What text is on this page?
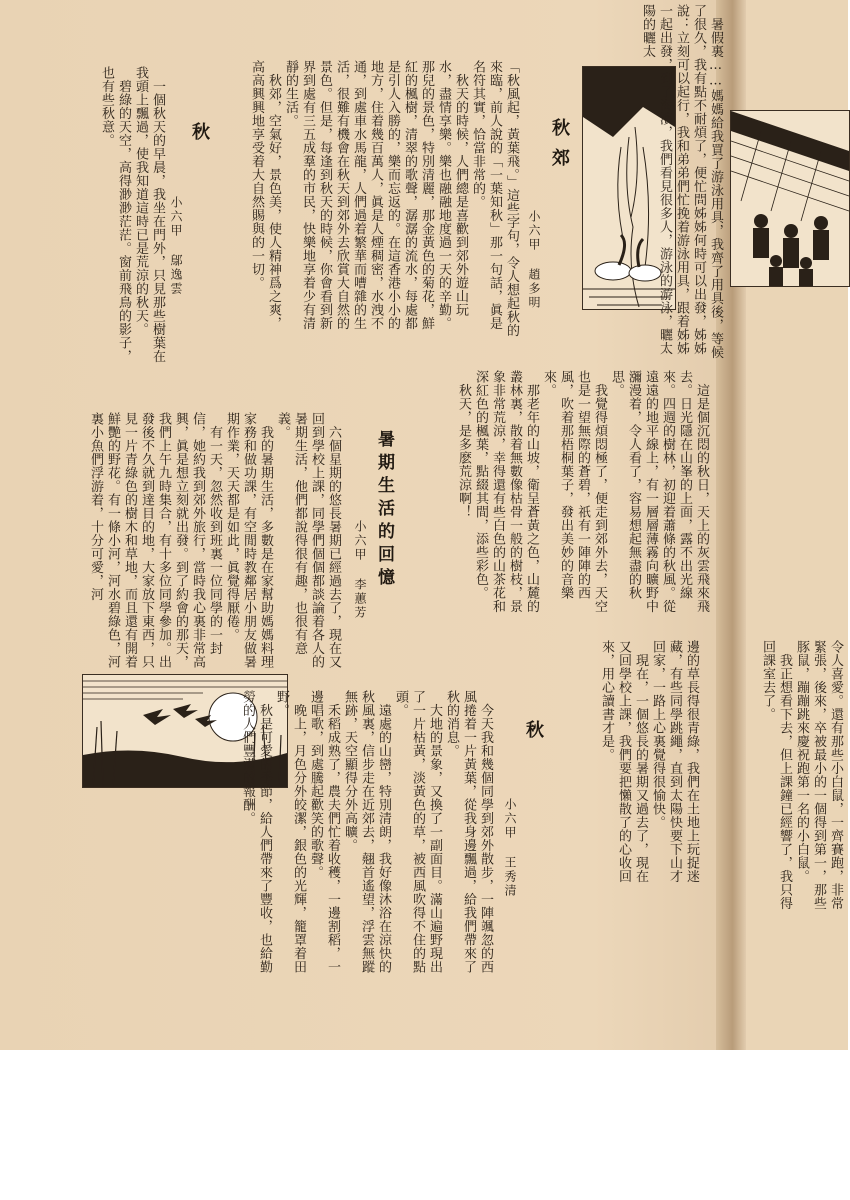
秋郊
小六甲 趙多明
「秋風起，黃葉飛。」這些字句，令人想起秋的來臨，前人說的「一葉知秋」那一句話，眞是名符其實，恰當非常的。
　秋天的時候，人們總是喜歡到郊外遊山玩水，盡情享樂。樂也融融地度過一天的辛勤。那兒的景色，特別清麗，那金黃色的菊花，鮮紅的楓樹，清翠的歌聲，潺潺的流水，每處都是引人入勝的，樂而忘返的。在這香港小小的地方，住着幾百萬人，眞是人煙稠密，水洩不通，到處車水馬龍，人們過着繁華而嘈雜的生活，很難有機會在秋天到郊外去欣賞大自然的景色。但是，每逢到秋天的時候，你會看到新界到處有三五成羣的市民，快樂地享着少有清靜的生活。
　秋郊，空氣好，景色美，使人精神爲之爽，高高興興地享受着大自然賜與的一切。
秋
小六甲 鄔逸雲
　一個秋天的早晨，我坐在門外，只見那些樹葉在我頭上飄過，使我知道這時已是荒涼的秋天。
　碧綠的天空，高得渺渺茫茫。窗前飛鳥的影子，也有些秋意。
　這是個沉悶的秋日，天上的灰雲飛來飛去。日光隱在山峯的上面，露不出光線來。四週的樹林，初迎着蕭條的秋風。從遠遠的地平線上，有一層層薄霧向曠野中瀰漫着，令人看了，容易想起無盡的秋思。
　我覺得煩悶極了，便走到郊外去，天空也是一望無際的蒼碧，祇有一陣陣的西風，吹着那梧桐葉子，發出美妙的音樂來。
　那老年的山坡，衛呈蒼黃之色，山麓的叢林裏，散着無數像枯骨一般的樹枝，景象非常荒涼，幸得還有些白色的山茶花和深紅色的楓葉，點綴其間，添些彩色。
　秋天，是多麽荒涼啊！
暑期生活的回憶
小六甲 李蕙芳
　六個星期的悠長暑期已經過去了，現在又回到學校上課，同學們個個都談論着各人的暑期生活，他們都說得很有趣，也很有意義。
　我的暑期生活，多數是在家幫助媽媽料理家務和做功課，有空閒時教鄰居小朋友做暑期作業，天天都是如此，眞覺得厭倦。
　有一天，忽然收到班裏一位同學的一封信，她約我到郊外旅行，當時我心裏非常高興，眞是想立刻就出發。到了約會的那天，我們上午九時集合，有十多位同學參加。出發後不久就到達目的地，大家放下東西，只見一片青綠色的樹木和草地，而且還有開着鮮艷的野花。有一條小河，河水碧綠色，河裏小魚們浮游着，十分可愛，河
邊的草長得很青綠，我們在土地上玩捉迷藏，有些同學跳繩，直到太陽快要下山才回家，一路上心裏覺得很愉快。
　現在，一個悠長的暑期又過去了，現在又回學校上課，我們要把懶散了的心收回來，用心讀書才是。
秋
小六甲 王秀清
　今天我和幾個同學到郊外散步，一陣颯忽的西風捲着一片黃葉，從我身邊飄過，給我們帶來了秋的消息。
　大地的景象，又換了一副面目。滿山遍野現出了一片枯黃，淡黃色的草，被西風吹得不住的點頭。
　遠處的山巒，特別清朗，我好像沐浴在涼快的秋風裏，信步走在近郊去，翹首遙望，浮雲無蹤無跡，天空顯得分外高曠。
　禾稻成熟了，農夫們忙着收穫，一邊割稻，一邊唱歌，到處騰起歡笑的歌聲。
　晚上，月色分外皎潔，銀色的光輝，籠罩着田野。
　秋是可愛的季節，給人們帶來了豐收，也給勤勞的人們豐滿的報酬。
　暑假裏……媽媽給我買了游泳用具，我齊了用具後，等候了很久，我有點不耐煩了，便忙問姊姊何時可以出發，姊姊說：立刻可以起行，我和弟弟們忙挽着游泳用具，跟着姊姊一起出發，到了海濱，我們看見很多人，游泳的游泳，曬太陽的曬太
令人喜愛。還有那些小白鼠，一齊賽跑，非常緊張，後來，卒被最小的一個得到第一，那些豚鼠，蹦蹦跳來慶祝跑第一名的小白鼠。
　我正想看下去，但上課鐘已經響了，我只得回課室去了。
